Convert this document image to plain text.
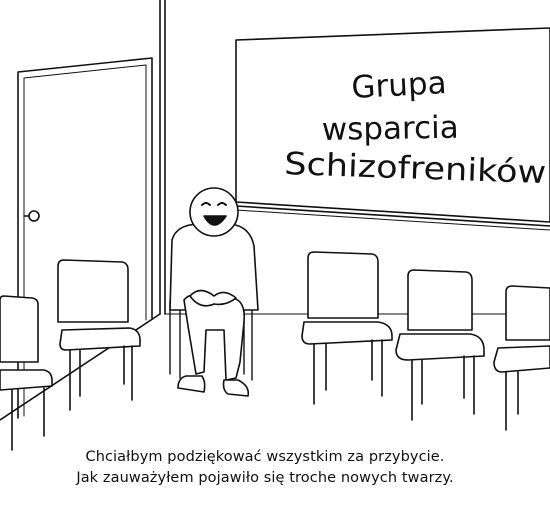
Grupa
wsparcia
Schizofreników
Chciałbym podziękować wszystkim za przybycie.
Jak zauważyłem pojawiło się troche nowych twarzy.
